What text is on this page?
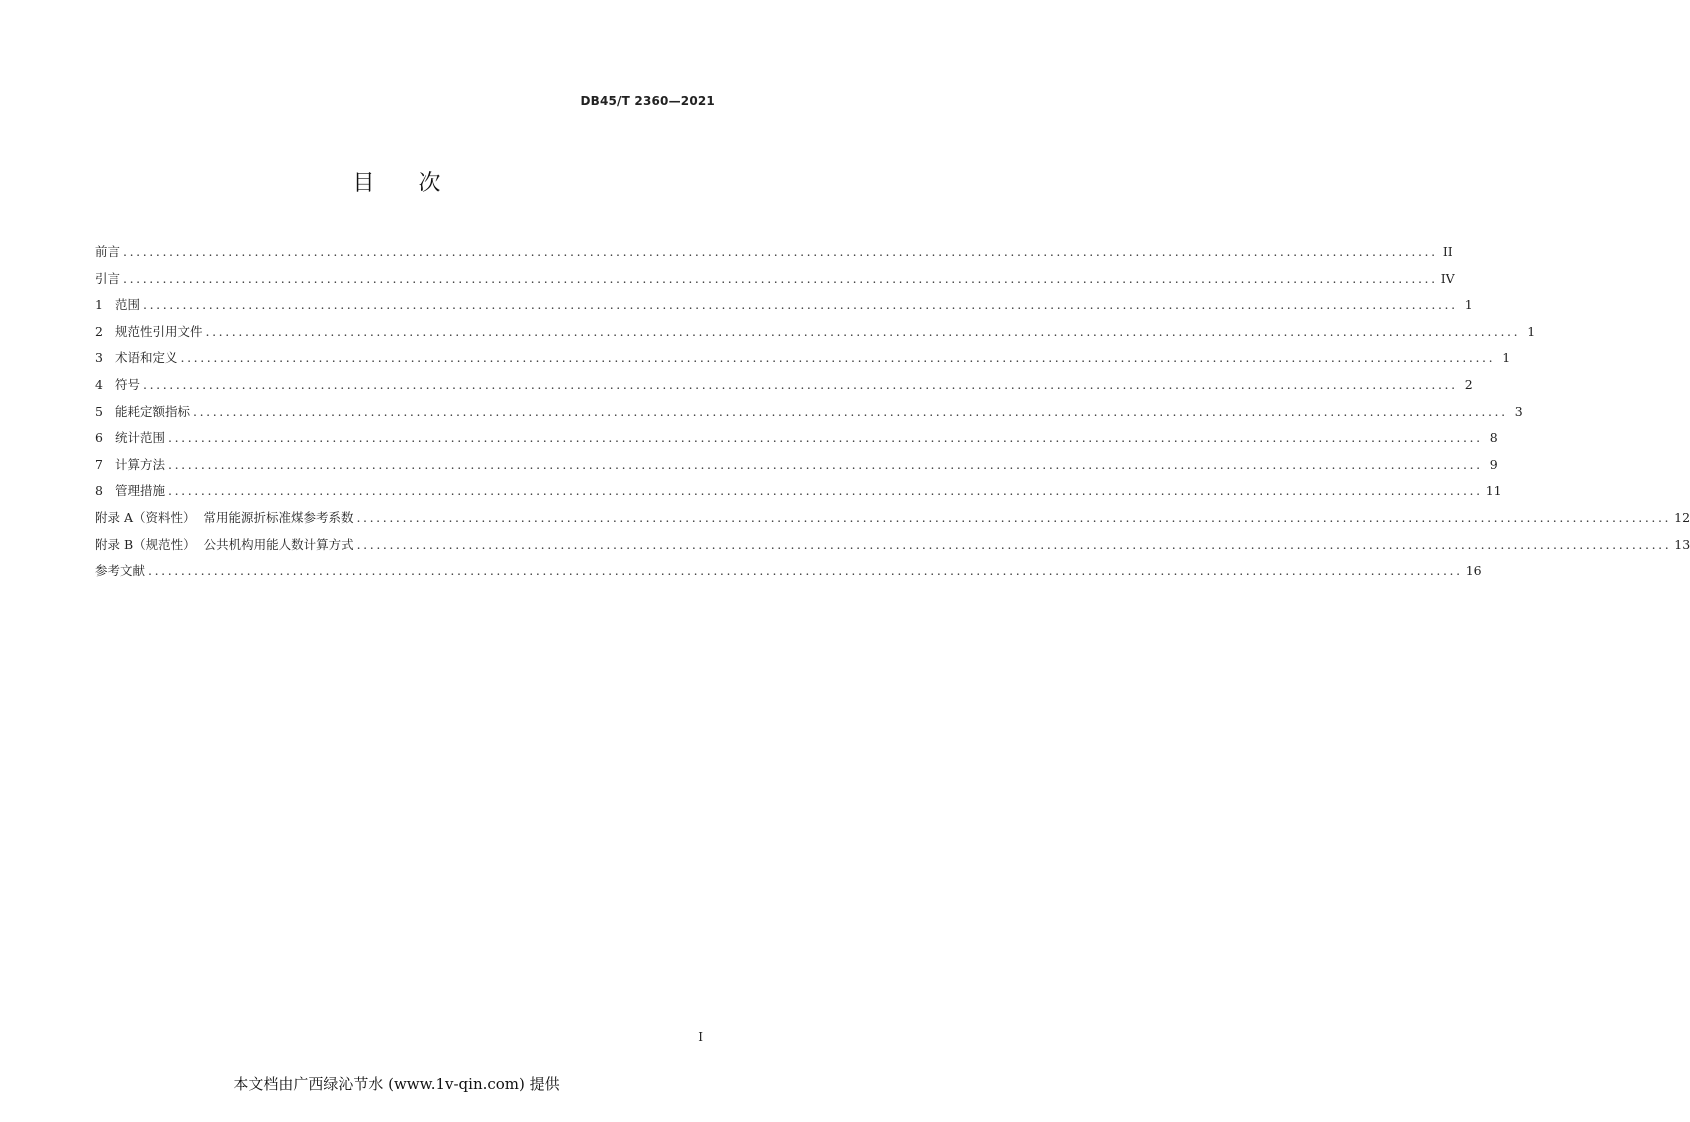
DB45/T 2360—2021
目次
前言 ........................................................................................................................................................................................................ II
引言 ........................................................................................................................................................................................................ IV
1 范围 ........................................................................................................................................................................................................ 1
2 规范性引用文件 ........................................................................................................................................................................................................ 1
3 术语和定义 ........................................................................................................................................................................................................ 1
4 符号 ........................................................................................................................................................................................................ 2
5 能耗定额指标 ........................................................................................................................................................................................................ 3
6 统计范围 ........................................................................................................................................................................................................ 8
7 计算方法 ........................................................................................................................................................................................................ 9
8 管理措施 ........................................................................................................................................................................................................ 11
附录 A（资料性）  常用能源折标准煤参考系数 ........................................................................................................................................................................................................ 12
附录 B（规范性）  公共机构用能人数计算方式 ........................................................................................................................................................................................................ 13
参考文献 ........................................................................................................................................................................................................ 16
I
本文档由广西绿沁节水 (www.1v-qin.com) 提供
